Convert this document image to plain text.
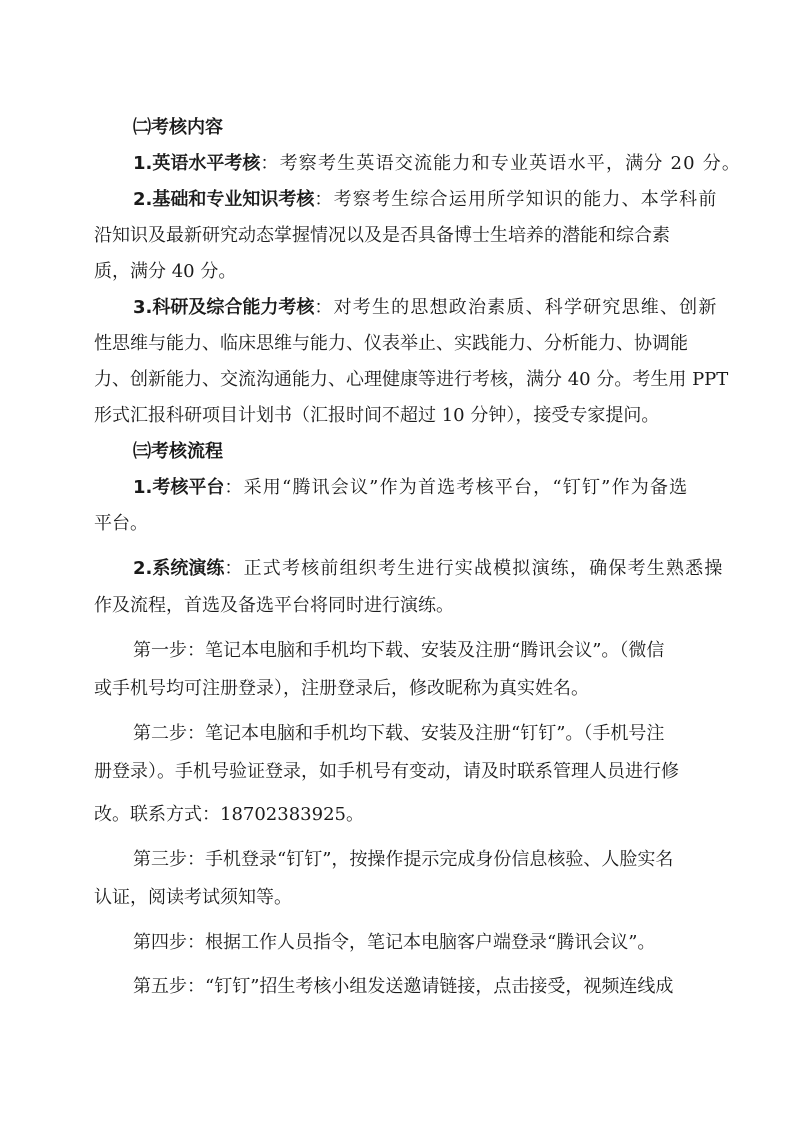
㈡考核内容
1.英语水平考核：考察考生英语交流能力和专业英语水平，满分 20 分。
2.基础和专业知识考核：考察考生综合运用所学知识的能力、本学科前
沿知识及最新研究动态掌握情况以及是否具备博士生培养的潜能和综合素
质，满分 40 分。
3.科研及综合能力考核：对考生的思想政治素质、科学研究思维、创新
性思维与能力、临床思维与能力、仪表举止、实践能力、分析能力、协调能
力、创新能力、交流沟通能力、心理健康等进行考核，满分 40 分。考生用 PPT
形式汇报科研项目计划书（汇报时间不超过 10 分钟），接受专家提问。
㈢考核流程
1.考核平台：采用“腾讯会议”作为首选考核平台，“钉钉”作为备选
平台。
2.系统演练：正式考核前组织考生进行实战模拟演练，确保考生熟悉操
作及流程，首选及备选平台将同时进行演练。
第一步：笔记本电脑和手机均下载、安装及注册“腾讯会议”。（微信
或手机号均可注册登录），注册登录后，修改昵称为真实姓名。
第二步：笔记本电脑和手机均下载、安装及注册“钉钉”。（手机号注
册登录）。手机号验证登录，如手机号有变动，请及时联系管理人员进行修
改。联系方式：18702383925。
第三步：手机登录“钉钉”，按操作提示完成身份信息核验、人脸实名
认证，阅读考试须知等。
第四步：根据工作人员指令，笔记本电脑客户端登录“腾讯会议”。
第五步：“钉钉”招生考核小组发送邀请链接，点击接受，视频连线成
